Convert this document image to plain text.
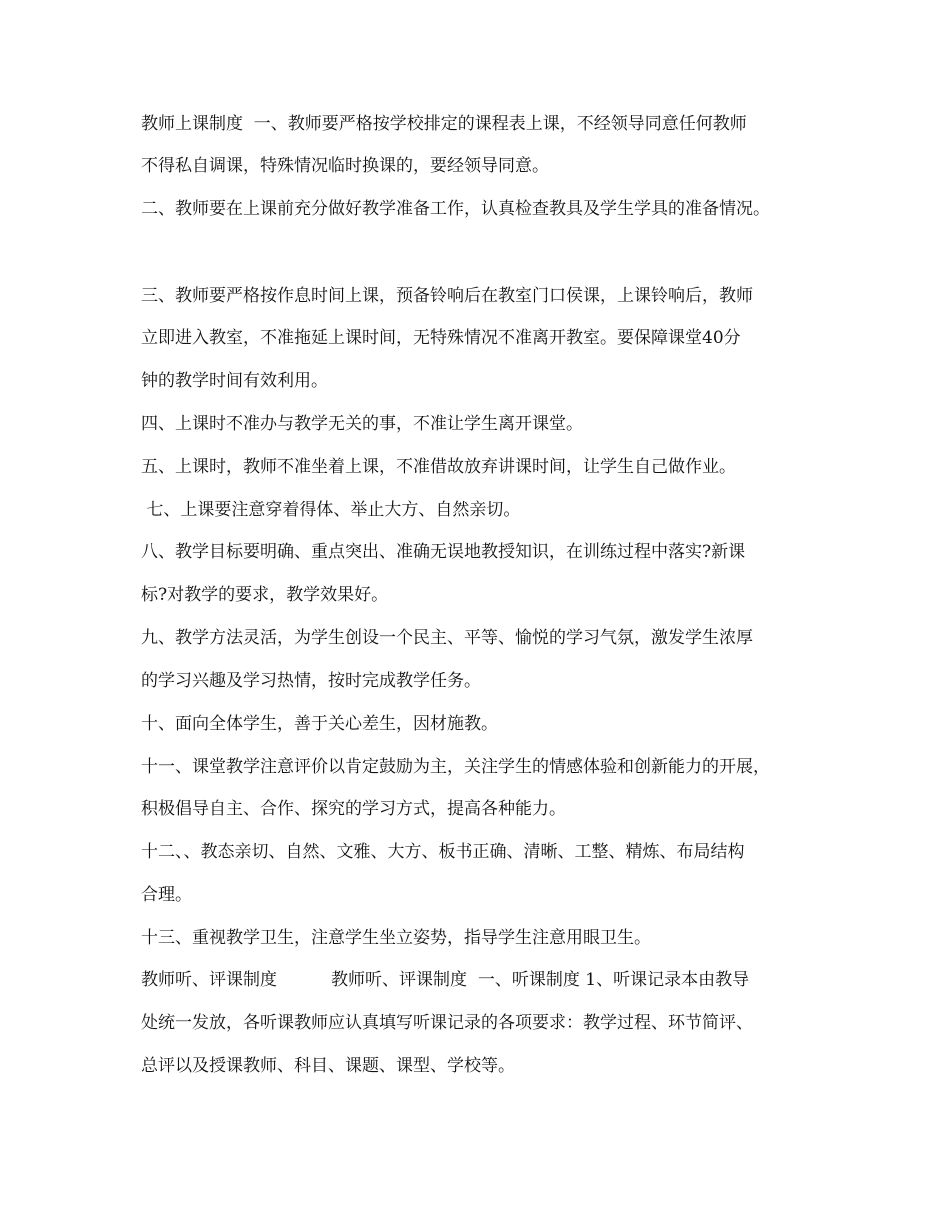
教师上课制度  一、教师要严格按学校排定的课程表上课，不经领导同意任何教师
不得私自调课，特殊情况临时换课的，要经领导同意。
二、教师要在上课前充分做好教学准备工作，认真检查教具及学生学具的准备情况。
三、教师要严格按作息时间上课，预备铃响后在教室门口侯课，上课铃响后，教师
立即进入教室，不准拖延上课时间，无特殊情况不准离开教室。要保障课堂40分
钟的教学时间有效利用。
四、上课时不准办与教学无关的事，不准让学生离开课堂。
五、上课时，教师不准坐着上课，不准借故放弃讲课时间，让学生自己做作业。
七、上课要注意穿着得体、举止大方、自然亲切。
八、教学目标要明确、重点突出、准确无误地教授知识，在训练过程中落实?新课
标?对教学的要求，教学效果好。
九、教学方法灵活，为学生创设一个民主、平等、愉悦的学习气氛，激发学生浓厚
的学习兴趣及学习热情，按时完成教学任务。
十、面向全体学生，善于关心差生，因材施教。
十一、课堂教学注意评价以肯定鼓励为主，关注学生的情感体验和创新能力的开展，
积极倡导自主、合作、探究的学习方式，提高各种能力。
十二、、教态亲切、自然、文雅、大方、板书正确、清晰、工整、精炼、布局结构
合理。
十三、重视教学卫生，注意学生坐立姿势，指导学生注意用眼卫生。
教师听、评课制度          教师听、评课制度  一、听课制度 1、听课记录本由教导
处统一发放，各听课教师应认真填写听课记录的各项要求：教学过程、环节简评、
总评以及授课教师、科目、课题、课型、学校等。
